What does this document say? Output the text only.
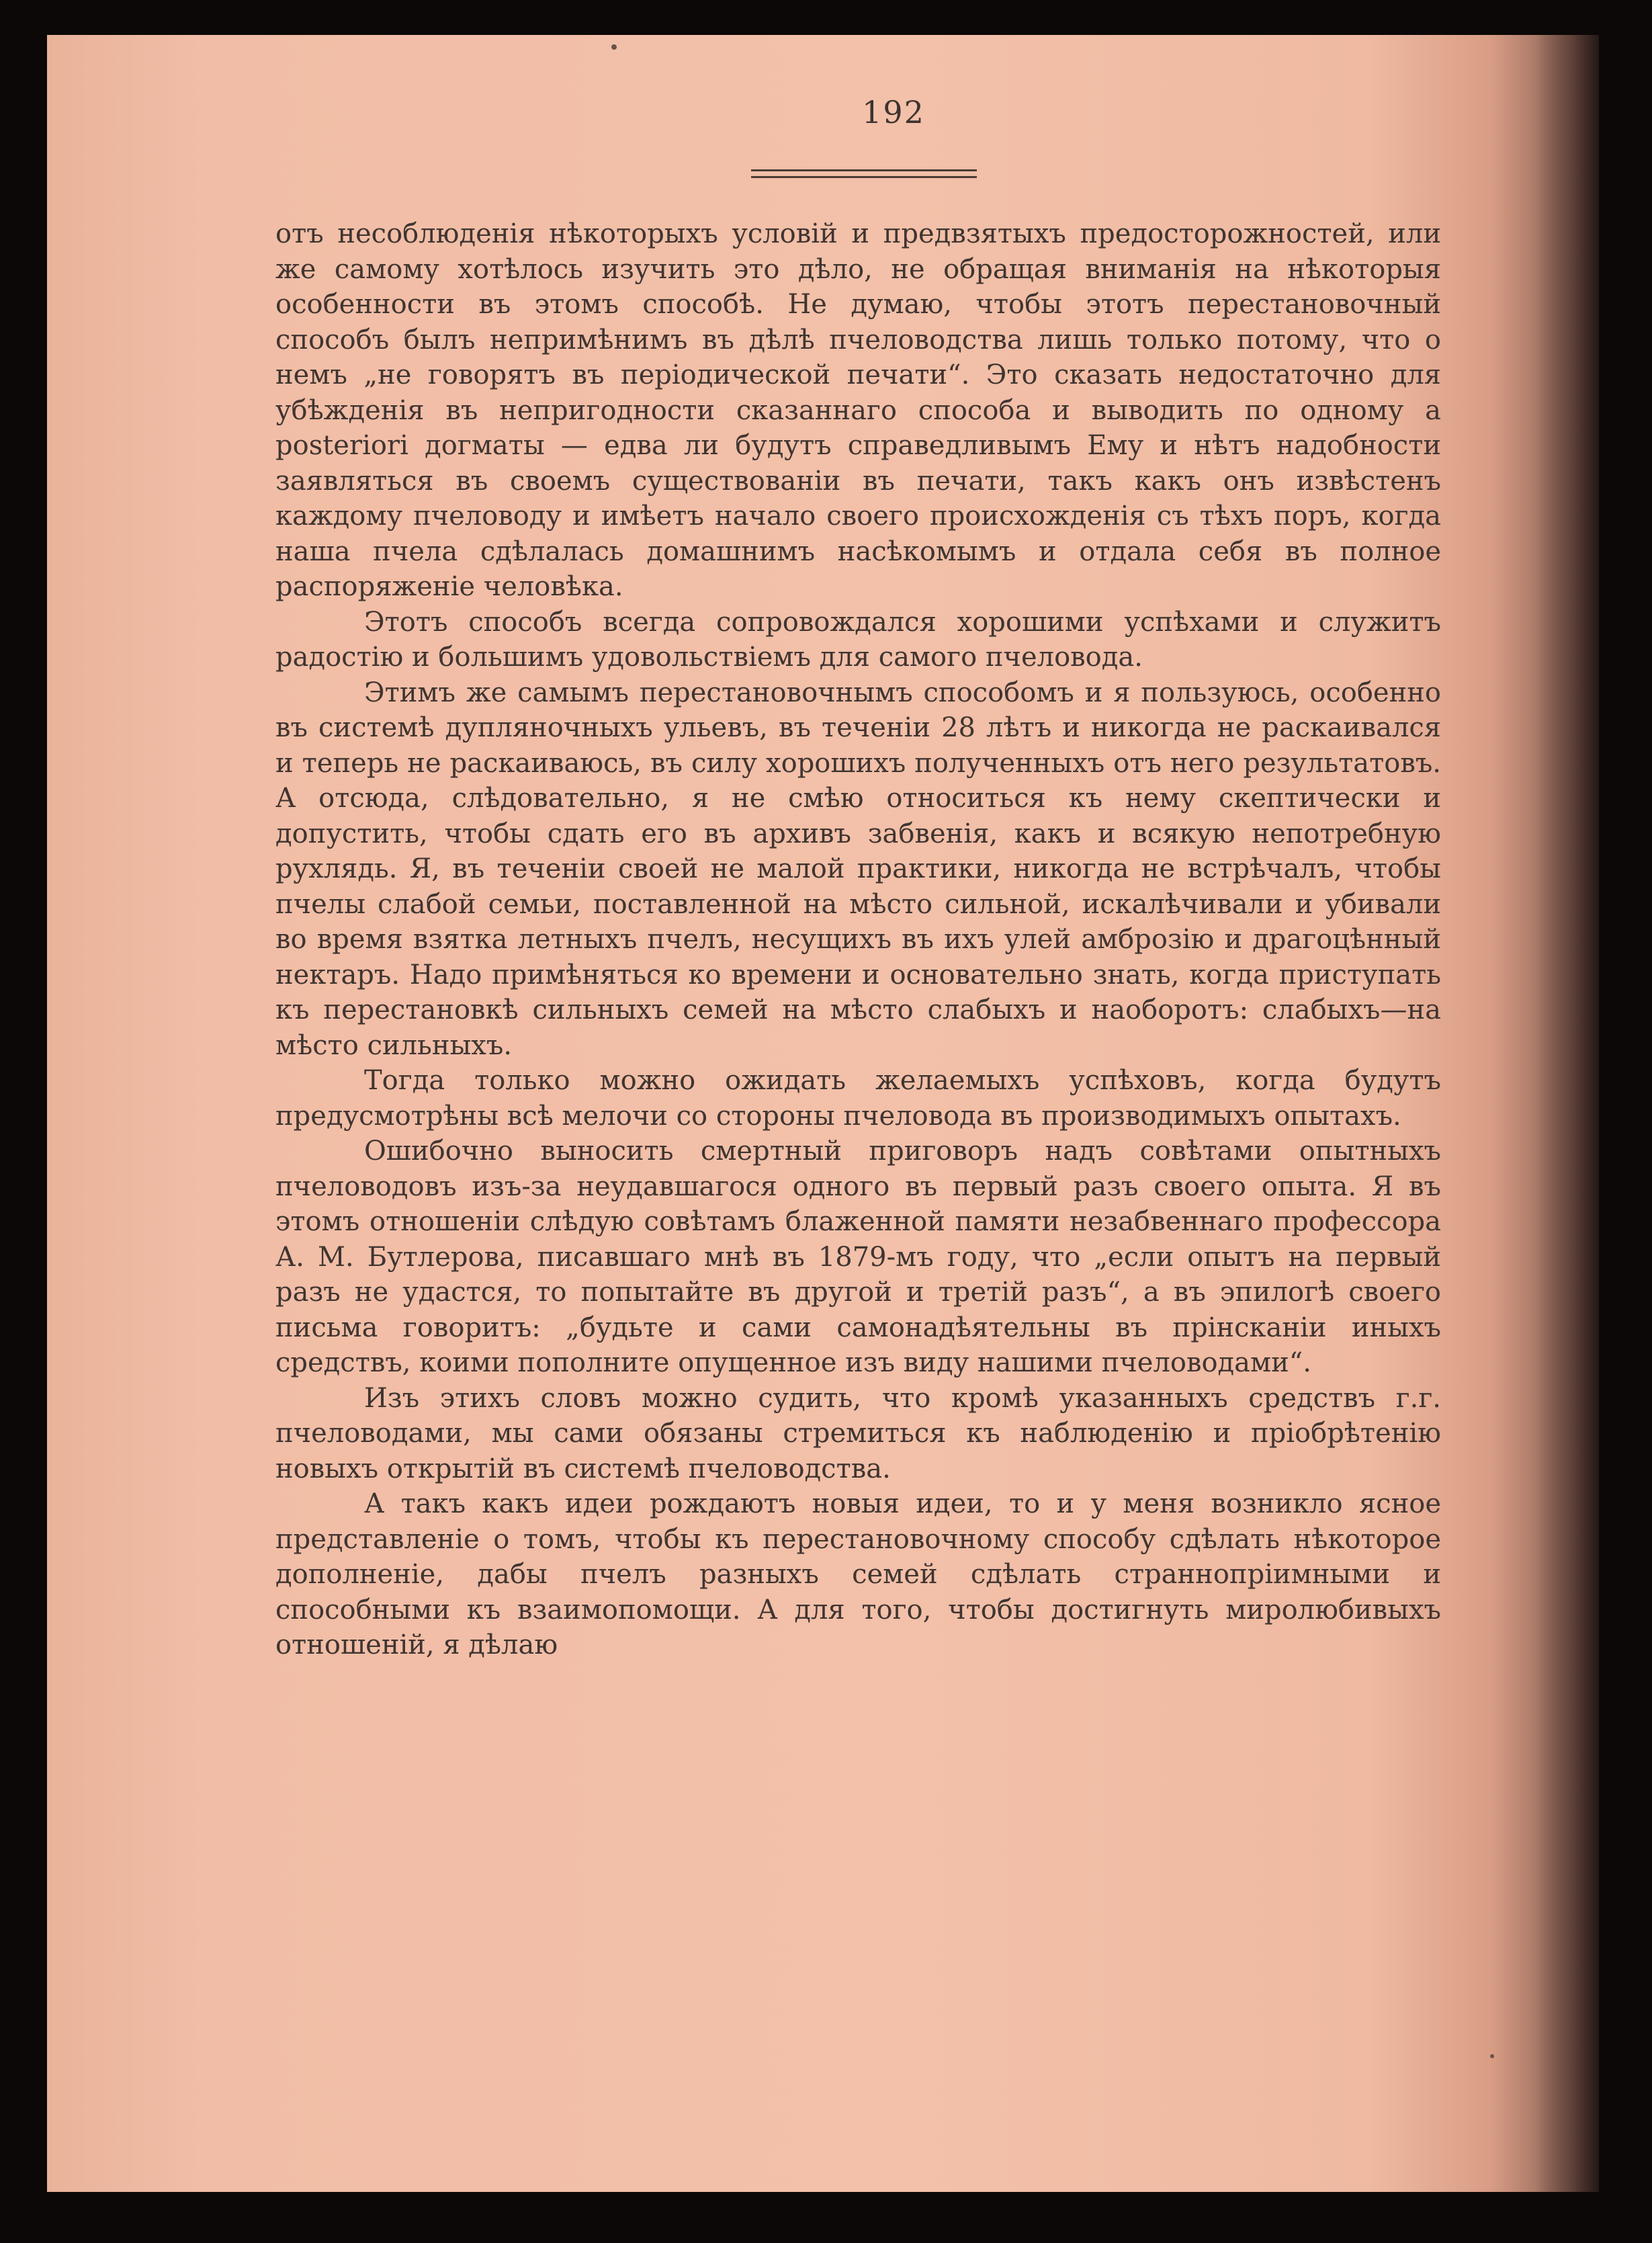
192

отъ несоблюденія нѣкоторыхъ условій и предвзятыхъ предосторожностей, или же самому хотѣлось изучить это дѣло, не обращая вниманія на нѣкоторыя особенности въ этомъ способѣ. Не думаю, чтобы этотъ перестановочный способъ былъ непримѣнимъ въ дѣлѣ пчеловодства лишь только потому, что о немъ „не говорятъ въ періодической печати“. Это сказать недостаточно для убѣжденія въ непригодности сказаннаго способа и выводить по одному а posteriori догматы — едва ли будутъ справедливымъ Ему и нѣтъ надобности заявляться въ своемъ существованіи въ печати, такъ какъ онъ извѣстенъ каждому пчеловоду и имѣетъ начало своего происхожденія съ тѣхъ поръ, когда наша пчела сдѣлалась домашнимъ насѣкомымъ и отдала себя въ полное распоряженіе человѣка.

Этотъ способъ всегда сопровождался хорошими успѣхами и служитъ радостію и большимъ удовольствіемъ для самого пчеловода.

Этимъ же самымъ перестановочнымъ способомъ и я пользуюсь, особенно въ системѣ дупляночныхъ ульевъ, въ теченіи 28 лѣтъ и никогда не раскаивался и теперь не раскаиваюсь, въ силу хорошихъ полученныхъ отъ него результатовъ. А отсюда, слѣдовательно, я не смѣю относиться къ нему скептически и допустить, чтобы сдать его въ архивъ забвенія, какъ и всякую непотребную рухлядь. Я, въ теченіи своей не малой практики, никогда не встрѣчалъ, чтобы пчелы слабой семьи, поставленной на мѣсто сильной, искалѣчивали и убивали во время взятка летныхъ пчелъ, несущихъ въ ихъ улей амброзію и драгоцѣнный нектаръ. Надо примѣняться ко времени и основательно знать, когда приступать къ перестановкѣ сильныхъ семей на мѣсто слабыхъ и наоборотъ: слабыхъ—на мѣсто сильныхъ.

Тогда только можно ожидать желаемыхъ успѣховъ, когда будутъ предусмотрѣны всѣ мелочи со стороны пчеловода въ производимыхъ опытахъ.

Ошибочно выносить смертный приговоръ надъ совѣтами опытныхъ пчеловодовъ изъ-за неудавшагося одного въ первый разъ своего опыта. Я въ этомъ отношеніи слѣдую совѣтамъ блаженной памяти незабвеннаго профессора А. М. Бутлерова, писавшаго мнѣ въ 1879-мъ году, что „если опытъ на первый разъ не удастся, то попытайте въ другой и третій разъ“, а въ эпилогѣ своего письма говоритъ: „будьте и сами самонадѣятельны въ прінсканіи иныхъ средствъ, коими пополните опущенное изъ виду нашими пчеловодами“.

Изъ этихъ словъ можно судить, что кромѣ указанныхъ средствъ г.г. пчеловодами, мы сами обязаны стремиться къ наблюденію и пріобрѣтенію новыхъ открытій въ системѣ пчеловодства.

А такъ какъ идеи рождаютъ новыя идеи, то и у меня возникло ясное представленіе о томъ, чтобы къ перестановочному способу сдѣлать нѣкоторое дополненіе, дабы пчелъ разныхъ семей сдѣлать страннопріимными и способными къ взаимопомощи. А для того, чтобы достигнуть миролюбивыхъ отношеній, я дѣлаю
